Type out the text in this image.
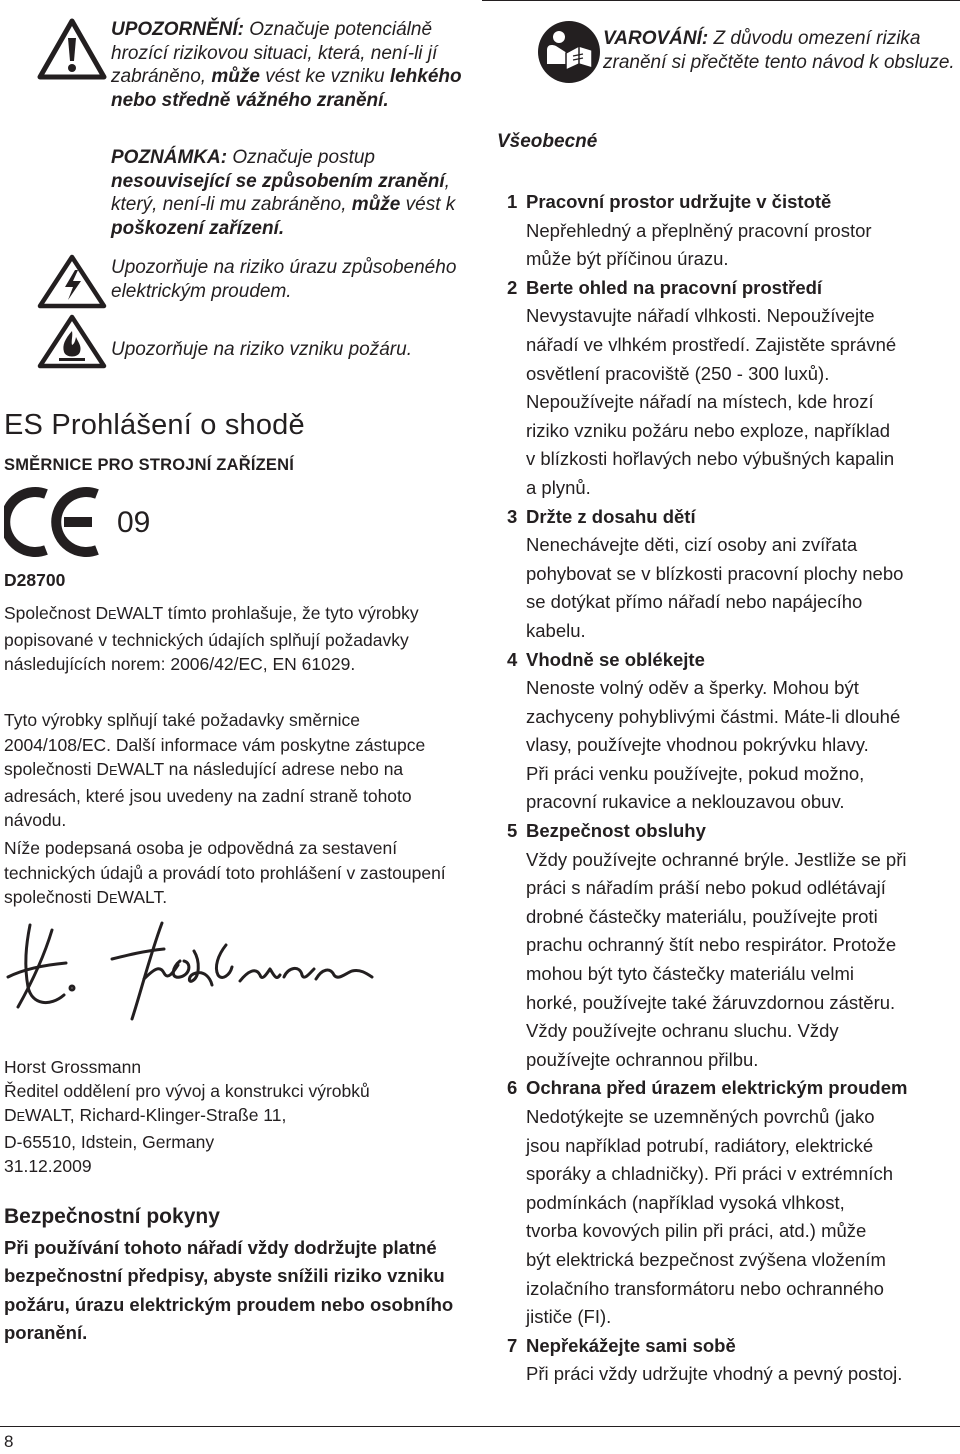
UPOZORNĚNÍ: Označuje potenciálně hrozící rizikovou situaci, která, není-li jí zabráněno, může vést ke vzniku lehkého nebo středně vážného zranění.
POZNÁMKA: Označuje postup nesouvisející se způsobením zranění, který, není-li mu zabráněno, může vést k poškození zařízení.
Upozorňuje na riziko úrazu způsobeného elektrickým proudem.
Upozorňuje na riziko vzniku požáru.
ES Prohlášení o shodě
SMĚRNICE PRO STROJNÍ ZAŘÍZENÍ
09
D28700
Společnost DEWALT tímto prohlašuje, že tyto výrobky popisované v technických údajích splňují požadavky následujících norem: 2006/42/EC, EN 61029.
Tyto výrobky splňují také požadavky směrnice 2004/108/EC. Další informace vám poskytne zástupce společnosti DEWALT na následující adrese nebo na adresách, které jsou uvedeny na zadní straně tohoto návodu.
Níže podepsaná osoba je odpovědná za sestavení technických údajů a provádí toto prohlášení v zastoupení společnosti DEWALT.
Horst Grossmann
Ředitel oddělení pro vývoj a konstrukci výrobků
DEWALT, Richard-Klinger-Straße 11,
D-65510, Idstein, Germany
31.12.2009
Bezpečnostní pokyny
Při používání tohoto nářadí vždy dodržujte platné bezpečnostní předpisy, abyste snížili riziko vzniku požáru, úrazu elektrickým proudem nebo osobního poranění.
VAROVÁNÍ: Z důvodu omezení rizika zranění si přečtěte tento návod k obsluze.
Všeobecné
1 Pracovní prostor udržujte v čistotě
Nepřehledný a přeplněný pracovní prostor
může být příčinou úrazu.
2 Berte ohled na pracovní prostředí
Nevystavujte nářadí vlhkosti. Nepoužívejte
nářadí ve vlhkém prostředí. Zajistěte správné
osvětlení pracoviště (250 - 300 luxů).
Nepoužívejte nářadí na místech, kde hrozí
riziko vzniku požáru nebo exploze, například
v blízkosti hořlavých nebo výbušných kapalin
a plynů.
3 Držte z dosahu dětí
Nenechávejte děti, cizí osoby ani zvířata
pohybovat se v blízkosti pracovní plochy nebo
se dotýkat přímo nářadí nebo napájecího
kabelu.
4 Vhodně se oblékejte
Nenoste volný oděv a šperky. Mohou být
zachyceny pohyblivými částmi. Máte-li dlouhé
vlasy, používejte vhodnou pokrývku hlavy.
Při práci venku používejte, pokud možno,
pracovní rukavice a neklouzavou obuv.
5 Bezpečnost obsluhy
Vždy používejte ochranné brýle. Jestliže se při
práci s nářadím práší nebo pokud odlétávají
drobné částečky materiálu, používejte proti
prachu ochranný štít nebo respirátor. Protože
mohou být tyto částečky materiálu velmi
horké, používejte také žáruvzdornou zástěru.
Vždy používejte ochranu sluchu. Vždy
používejte ochrannou přilbu.
6 Ochrana před úrazem elektrickým proudem
Nedotýkejte se uzemněných povrchů (jako
jsou například potrubí, radiátory, elektrické
sporáky a chladničky). Při práci v extrémních
podmínkách (například vysoká vlhkost,
tvorba kovových pilin při práci, atd.) může
být elektrická bezpečnost zvýšena vložením
izolačního transformátoru nebo ochranného
jističe (FI).
7 Nepřekážejte sami sobě
Při práci vždy udržujte vhodný a pevný postoj.
8
